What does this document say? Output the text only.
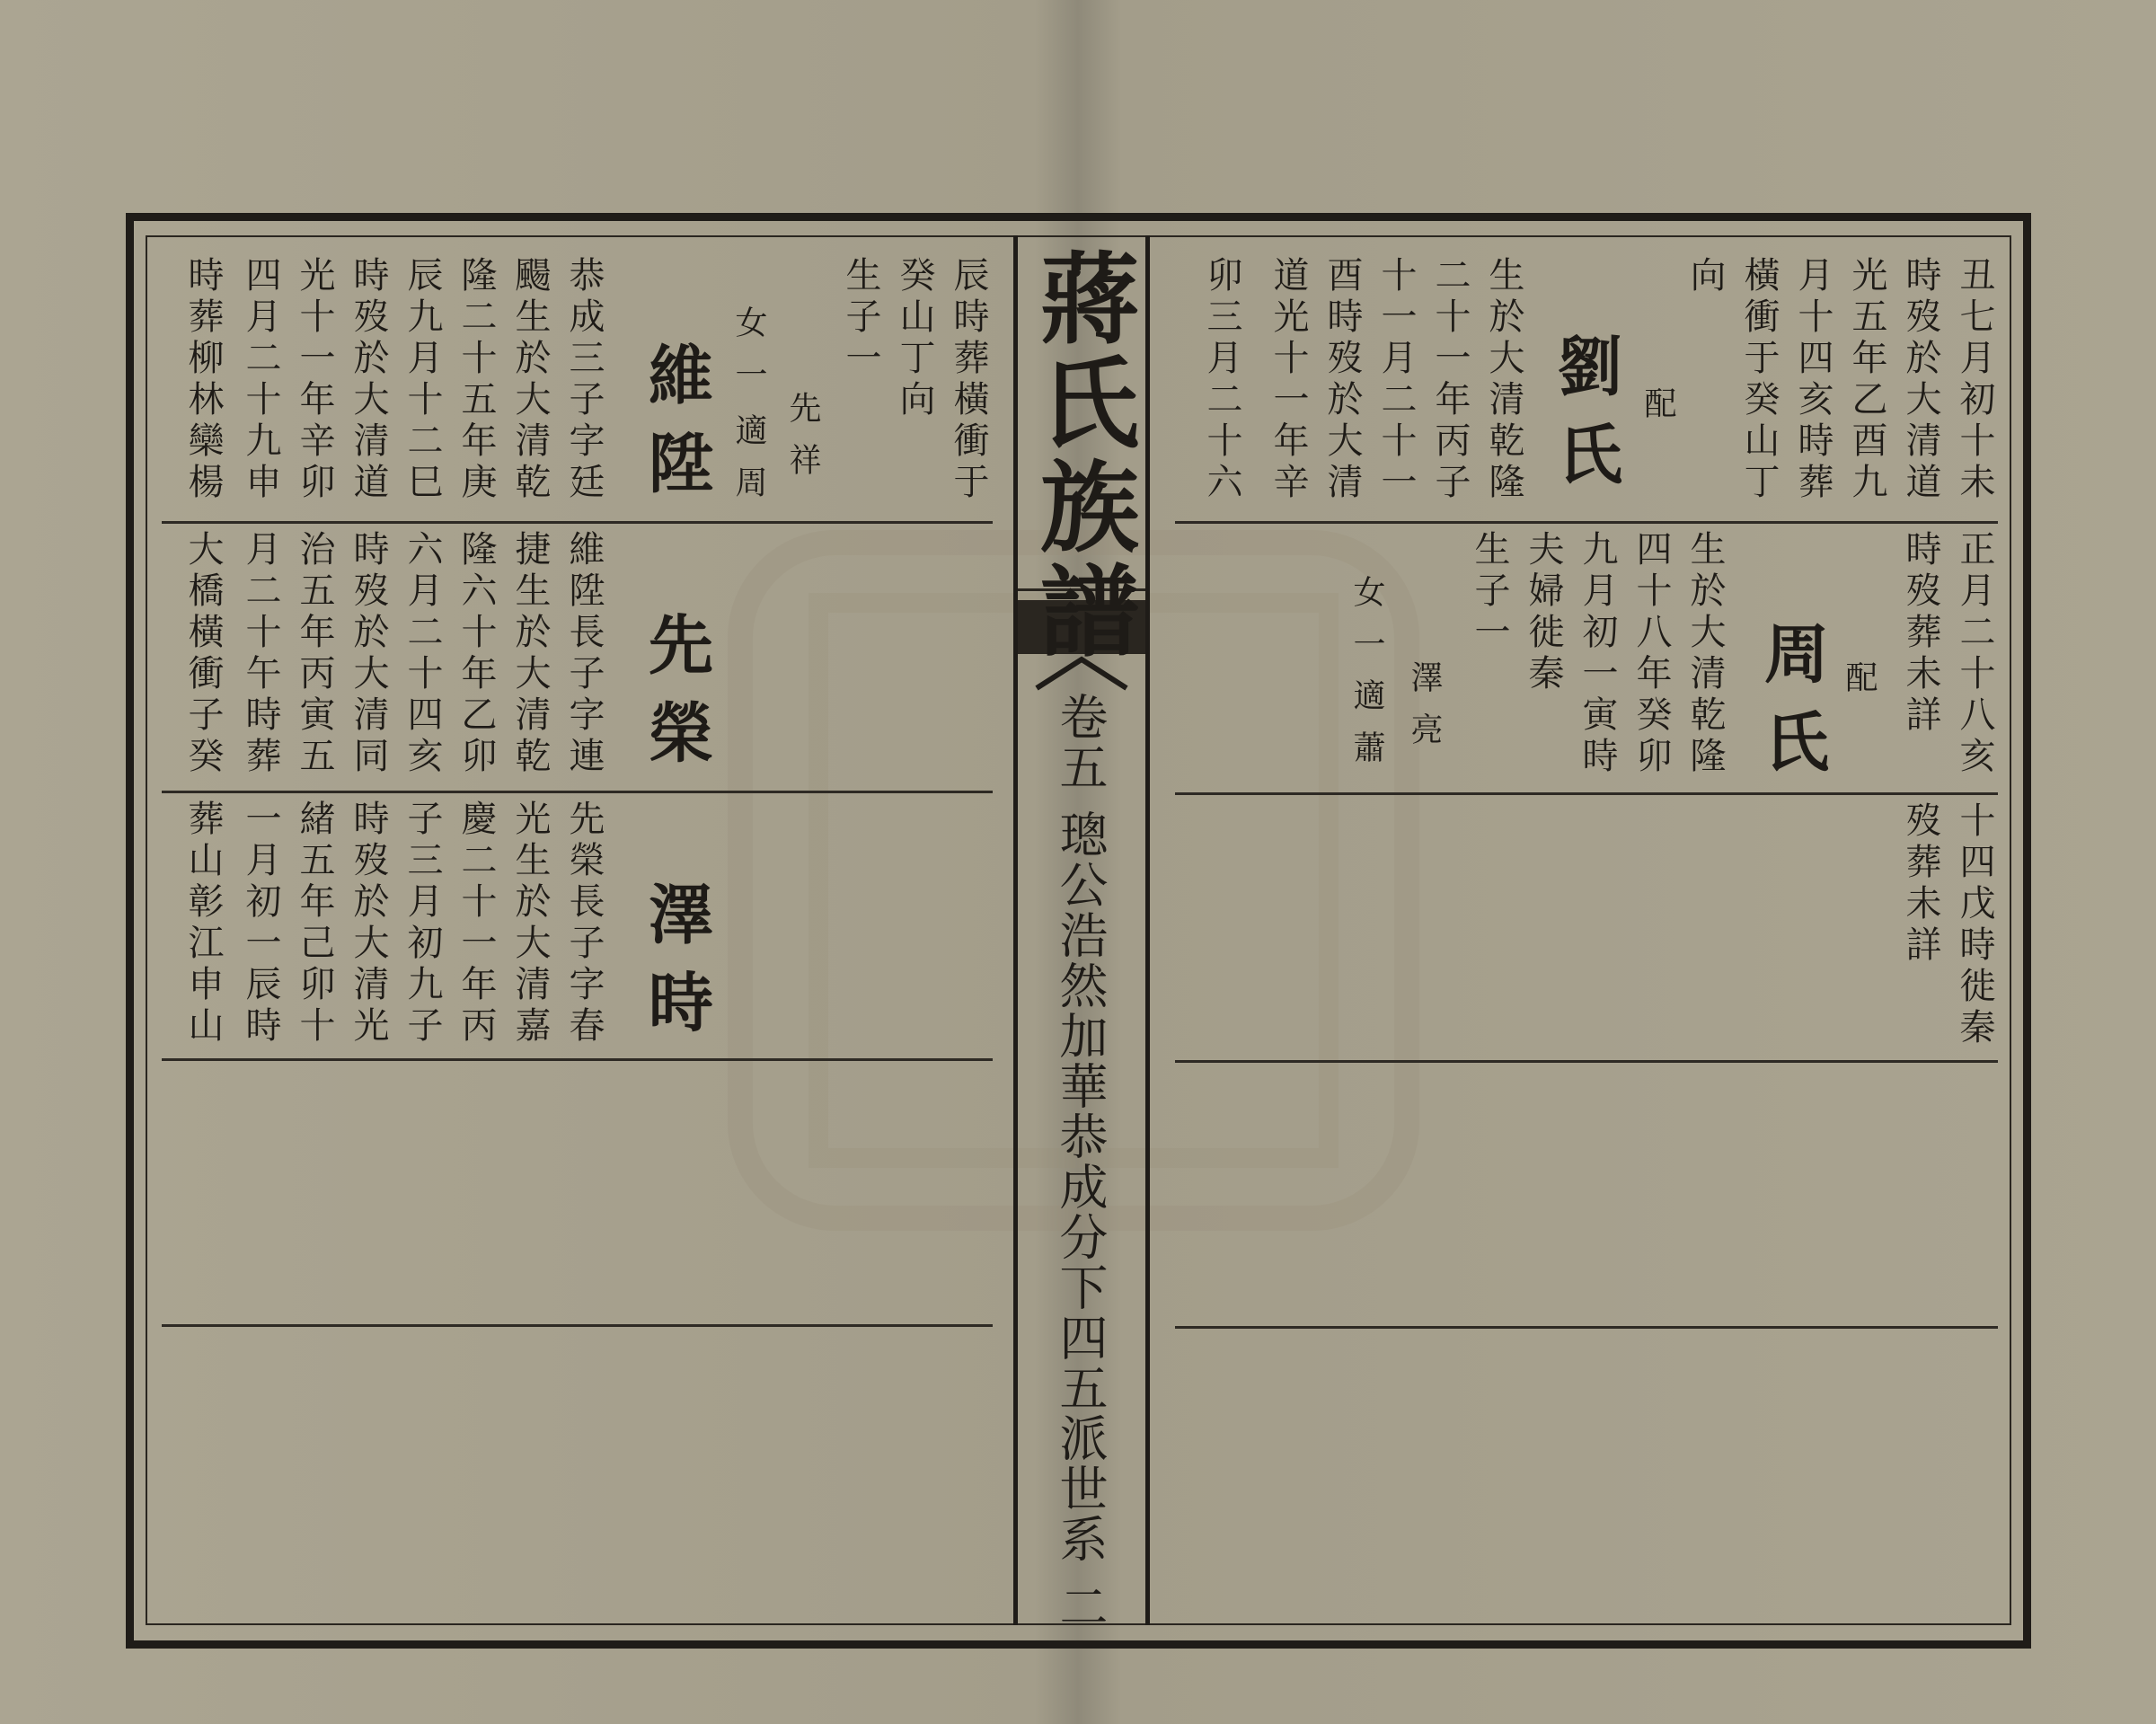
蔣氏族譜
卷五 璁公浩然加華恭成分下四五派世系 二
丑七月初十未
時歿於大清道
光五年乙酉九
月十四亥時葬
橫衝于癸山丁
向
配
劉氏
生於大清乾隆
二十一年丙子
十一月二十一
酉時歿於大清
道光十一年辛
卯三月二十六
正月二十八亥
時歿葬未詳
配
周氏
生於大清乾隆
四十八年癸卯
九月初一寅時
夫婦徙秦
生子一
澤亮
女一
適蕭
十四戊時徙秦
歿葬未詳
辰時葬橫衝于
癸山丁向
生子一
先祥
女一
適周
維陞
恭成三子字廷
颺生於大清乾
隆二十五年庚
辰九月十二巳
時歿於大清道
光十一年辛卯
四月二十九申
時葬柳林欒楊
先榮
維陞長子字連
捷生於大清乾
隆六十年乙卯
六月二十四亥
時歿於大清同
治五年丙寅五
月二十午時葬
大橋橫衝子癸
澤時
先榮長子字春
光生於大清嘉
慶二十一年丙
子三月初九子
時歿於大清光
緒五年己卯十
一月初一辰時
葬山彰江申山
